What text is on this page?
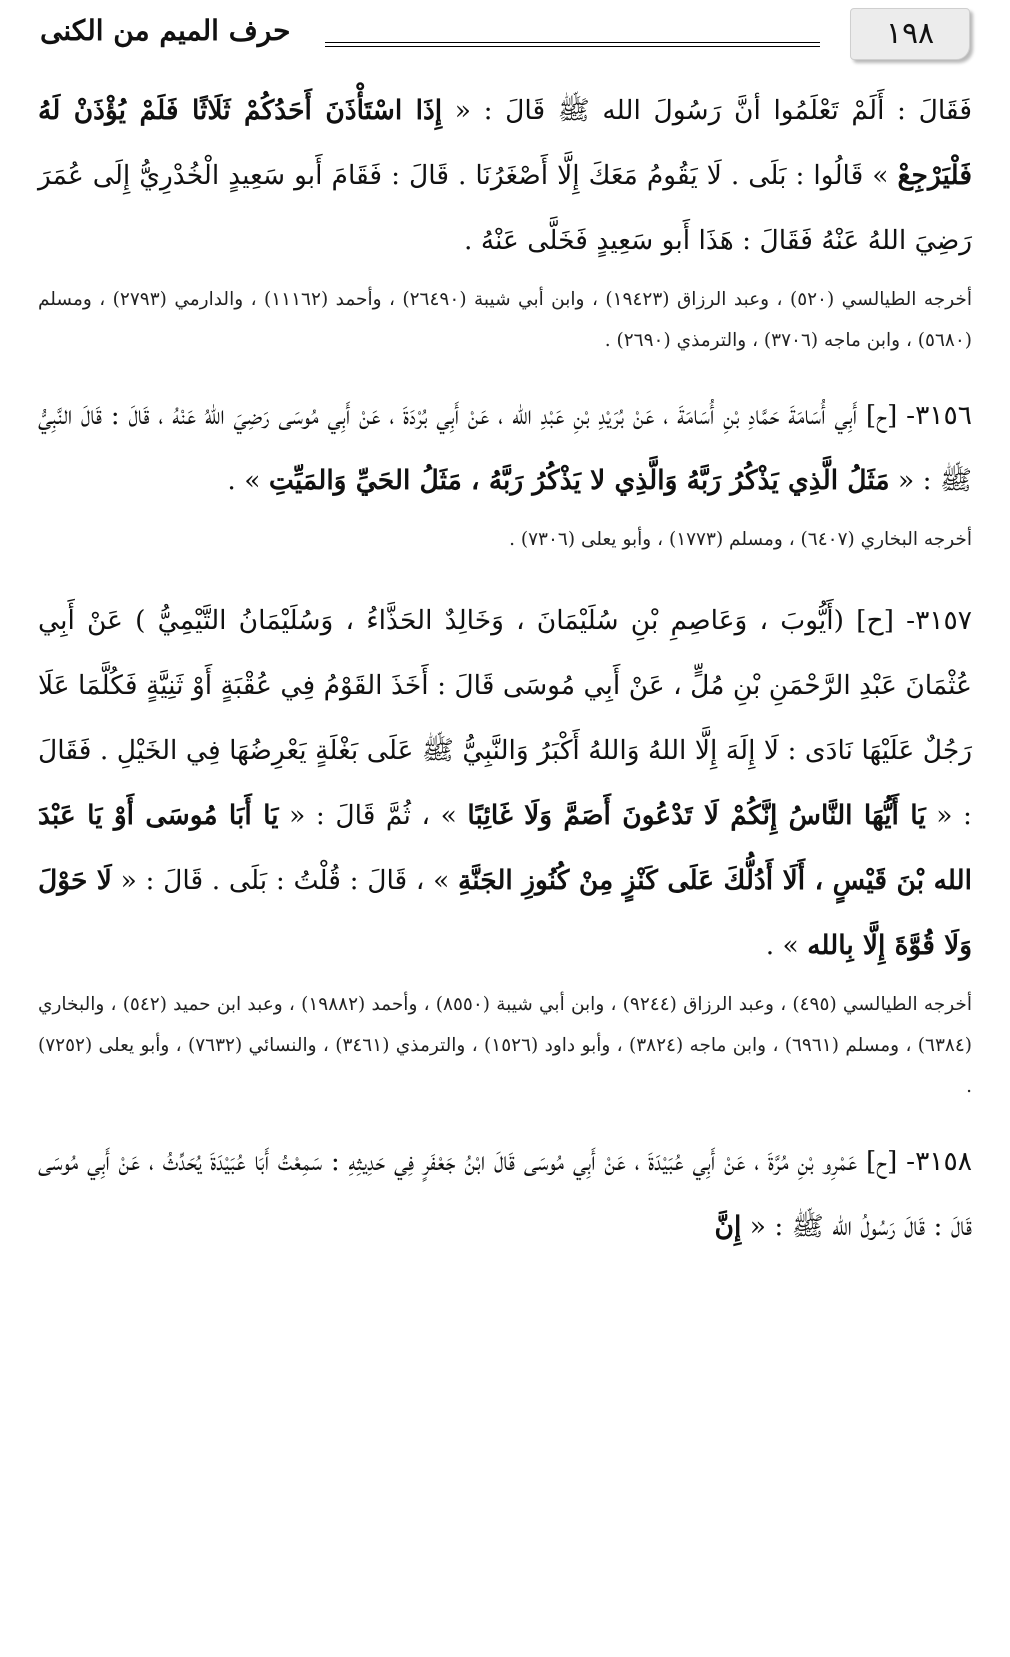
١٩٨
حرف الميم من الكنى

فَقَالَ : أَلَمْ تَعْلَمُوا أنَّ رَسُولَ الله ﷺ قَالَ : « إِذَا اسْتَأْذَنَ أَحَدُكُمْ ثَلَاثًا فَلَمْ يُؤْذَنْ لَهُ فَلْيَرْجِعْ » قَالُوا : بَلَى . لَا يَقُومُ مَعَكَ إِلَّا أَصْغَرُنَا . قَالَ : فَقَامَ أَبو سَعِيدٍ الْخُدْرِيُّ إِلَى عُمَرَ رَضِيَ اللهُ عَنْهُ فَقَالَ : هَذَا أَبو سَعِيدٍ فَخَلَّى عَنْهُ .

أخرجه الطيالسي (٥٢٠) ، وعبد الرزاق (١٩٤٢٣) ، وابن أبي شيبة (٢٦٤٩٠) ، وأحمد (١١١٦٢) ، والدارمي (٢٧٩٣) ، ومسلم (٥٦٨٠) ، وابن ماجه (٣٧٠٦) ، والترمذي (٢٦٩٠) .

٣١٥٦- [ح] أَبِي أُسَامَةَ حَمَّادِ بْنِ أُسَامَةَ ، عَنْ بُرَيْدِ بْنِ عَبْدِ الله ، عَنْ أَبِي بُرْدَةَ ، عَنْ أَبِي مُوسَى رَضِيَ اللهُ عَنْهُ ، قَالَ : قَالَ النَّبِيُّ ﷺ : « مَثَلُ الَّذِي يَذْكُرُ رَبَّهُ وَالَّذِي لا يَذْكُرُ رَبَّهُ ، مَثَلُ الحَيِّ وَالمَيِّتِ » .

أخرجه البخاري (٦٤٠٧) ، ومسلم (١٧٧٣) ، وأبو يعلى (٧٣٠٦) .

٣١٥٧- [ح] (أَيُّوبَ ، وَعَاصِمِ بْنِ سُلَيْمَانَ ، وَخَالِدٌ الحَذَّاءُ ، وَسُلَيْمَانُ التَّيْمِيُّ ) عَنْ أَبِي عُثْمَانَ عَبْدِ الرَّحْمَنِ بْنِ مُلٍّ ، عَنْ أَبِي مُوسَى قَالَ : أَخَذَ القَوْمُ فِي عُقْبَةٍ أَوْ ثَنِيَّةٍ فَكُلَّمَا عَلَا رَجُلٌ عَلَيْهَا نَادَى : لَا إِلَهَ إِلَّا اللهُ وَاللهُ أَكْبَرُ وَالنَّبِيُّ ﷺ عَلَى بَغْلَةٍ يَعْرِضُهَا فِي الخَيْلِ . فَقَالَ : « يَا أَيُّهَا النَّاسُ إِنَّكُمْ لَا تَدْعُونَ أَصَمَّ وَلَا غَائِبًا » ، ثُمَّ قَالَ : « يَا أَبَا مُوسَى أَوْ يَا عَبْدَ الله بْنَ قَيْسٍ ، أَلَا أَدُلُّكَ عَلَى كَنْزٍ مِنْ كُنُوزِ الجَنَّةِ » ، قَالَ : قُلْتُ : بَلَى . قَالَ : « لَا حَوْلَ وَلَا قُوَّةَ إِلَّا بِالله » .

أخرجه الطيالسي (٤٩٥) ، وعبد الرزاق (٩٢٤٤) ، وابن أبي شيبة (٨٥٥٠) ، وأحمد (١٩٨٨٢) ، وعبد ابن حميد (٥٤٢) ، والبخاري (٦٣٨٤) ، ومسلم (٦٩٦١) ، وابن ماجه (٣٨٢٤) ، وأبو داود (١٥٢٦) ، والترمذي (٣٤٦١) ، والنسائي (٧٦٣٢) ، وأبو يعلى (٧٢٥٢) .

٣١٥٨- [ح] عَمْرِو بْنِ مُرَّةَ ، عَنْ أَبِي عُبَيْدَةَ ، عَنْ أَبِي مُوسَى قَالَ ابْنُ جَعْفَرٍ فِي حَدِيثِهِ : سَمِعْتُ أَبَا عُبَيْدَةَ يُحَدِّثُ ، عَنْ أَبِي مُوسَى قَالَ : قَالَ رَسُولُ الله ﷺ : « إِنَّ
